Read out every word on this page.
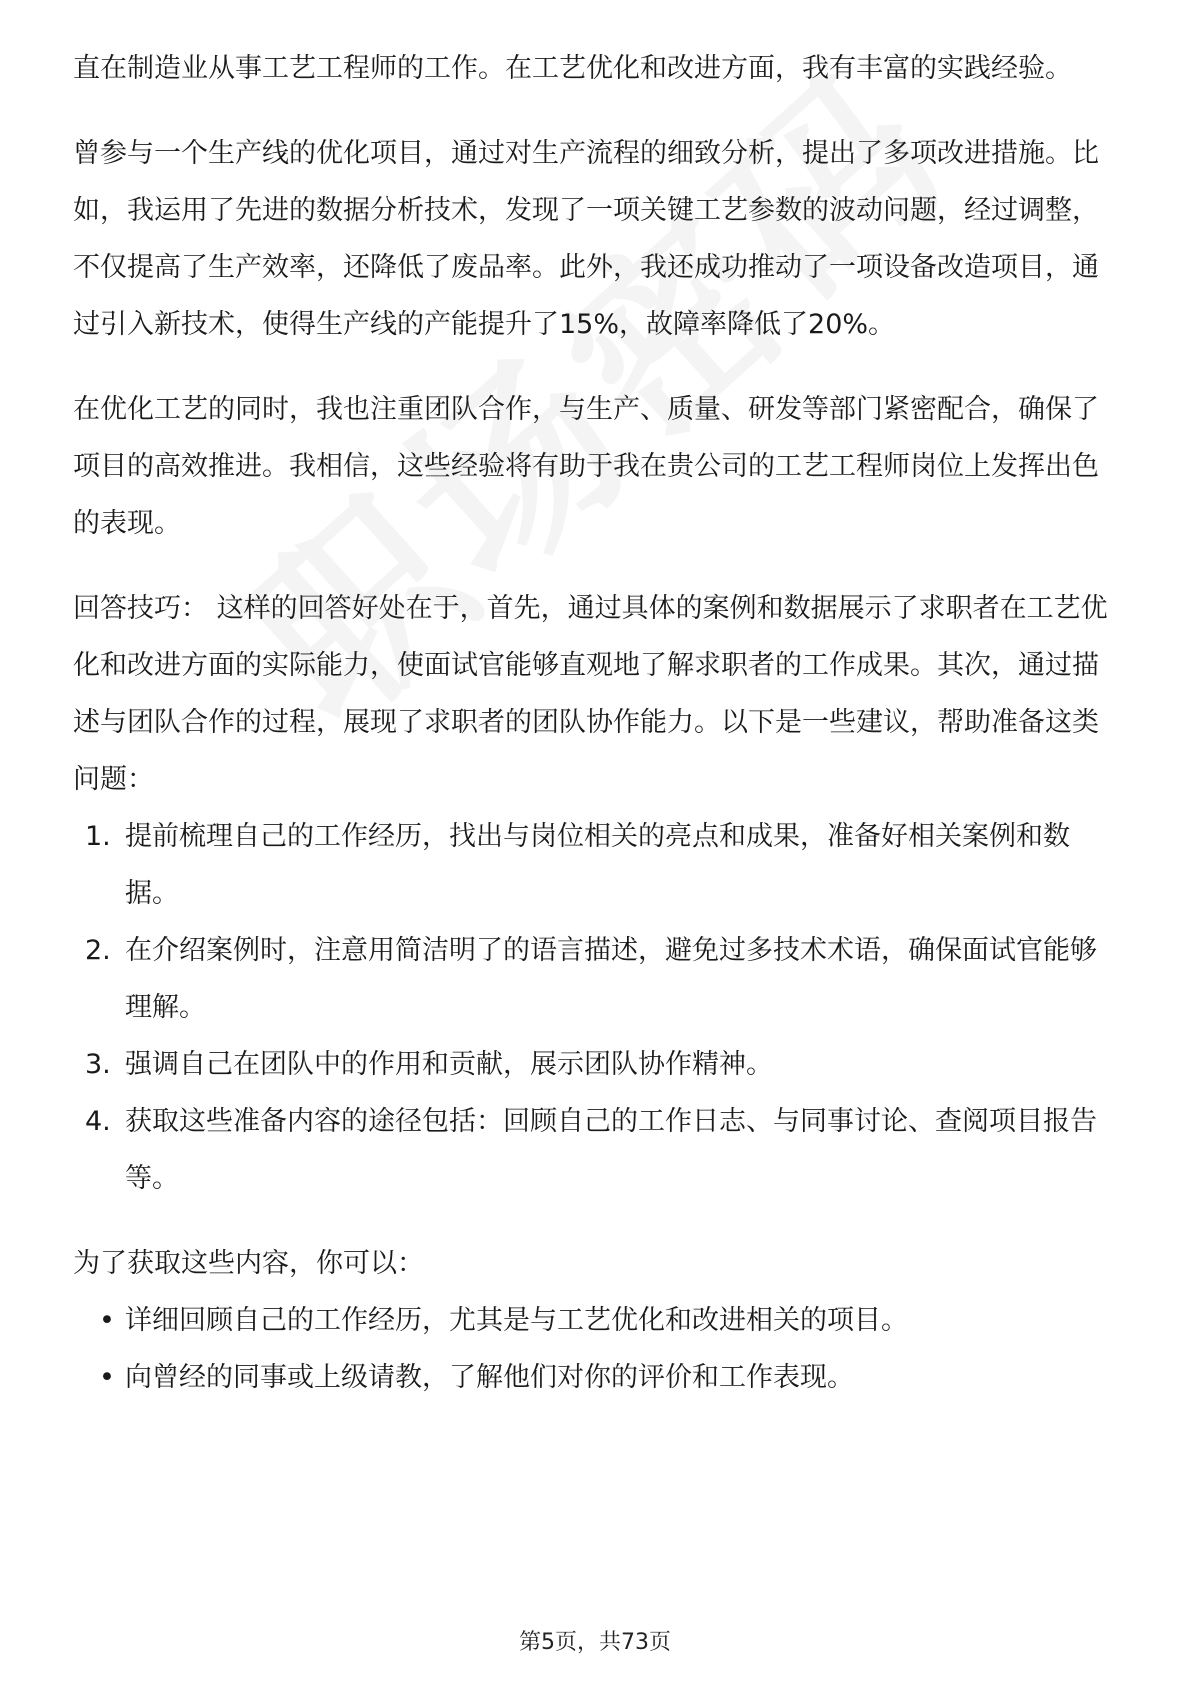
直在制造业从事工艺工程师的工作。在工艺优化和改进方面，我有丰富的实践经验。

曾参与一个生产线的优化项目，通过对生产流程的细致分析，提出了多项改进措施。比如，我运用了先进的数据分析技术，发现了一项关键工艺参数的波动问题，经过调整，不仅提高了生产效率，还降低了废品率。此外，我还成功推动了一项设备改造项目，通过引入新技术，使得生产线的产能提升了15%，故障率降低了20%。

在优化工艺的同时，我也注重团队合作，与生产、质量、研发等部门紧密配合，确保了项目的高效推进。我相信，这些经验将有助于我在贵公司的工艺工程师岗位上发挥出色的表现。

回答技巧： 这样的回答好处在于，首先，通过具体的案例和数据展示了求职者在工艺优化和改进方面的实际能力，使面试官能够直观地了解求职者的工作成果。其次，通过描述与团队合作的过程，展现了求职者的团队协作能力。以下是一些建议，帮助准备这类问题：

1. 提前梳理自己的工作经历，找出与岗位相关的亮点和成果，准备好相关案例和数据。
2. 在介绍案例时，注意用简洁明了的语言描述，避免过多技术术语，确保面试官能够理解。
3. 强调自己在团队中的作用和贡献，展示团队协作精神。
4. 获取这些准备内容的途径包括：回顾自己的工作日志、与同事讨论、查阅项目报告等。

为了获取这些内容，你可以：

• 详细回顾自己的工作经历，尤其是与工艺优化和改进相关的项目。
• 向曾经的同事或上级请教，了解他们对你的评价和工作表现。
第5页，共73页
